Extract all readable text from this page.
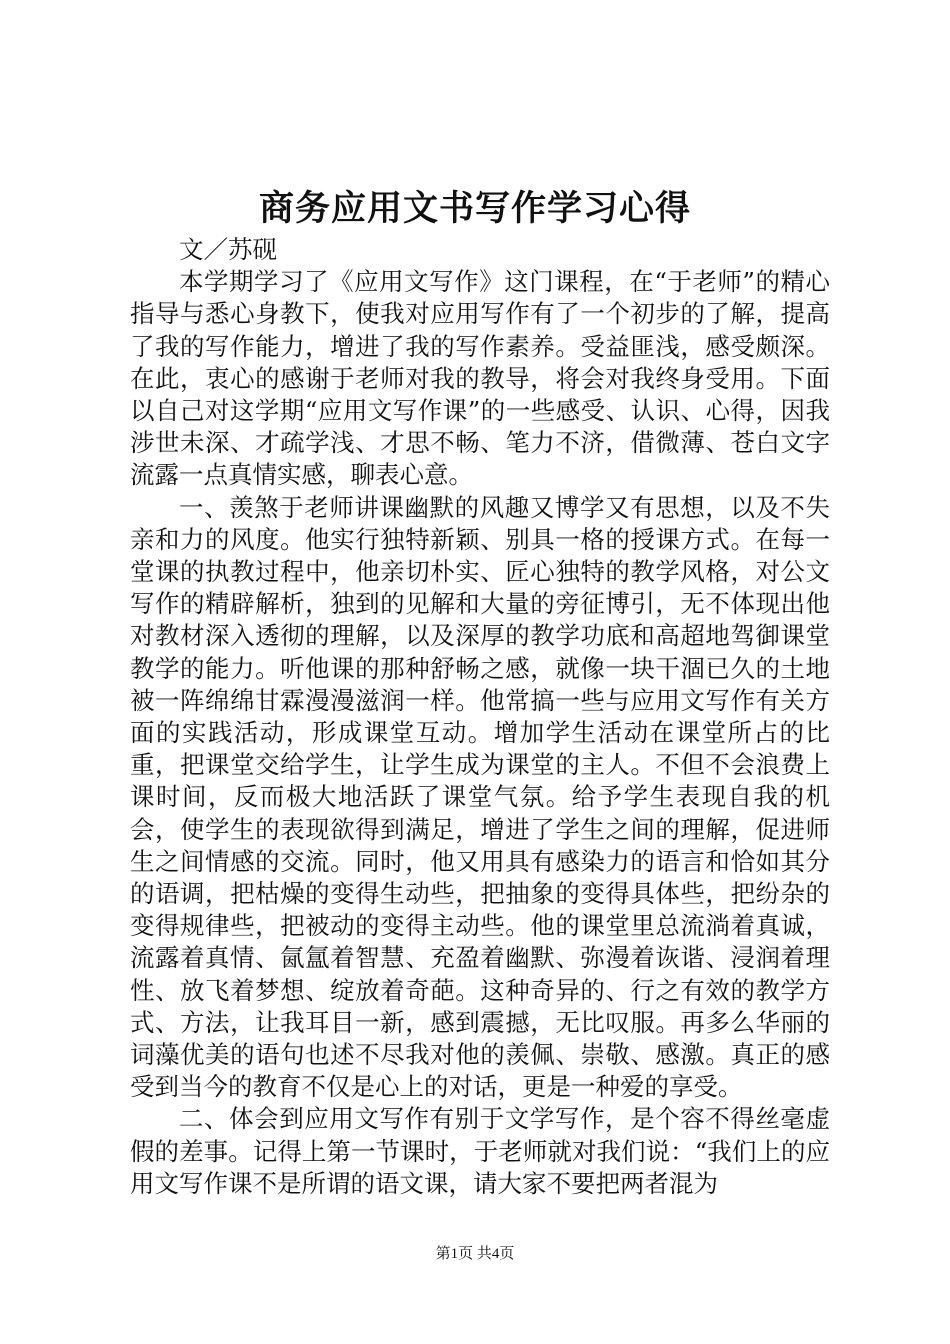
商务应用文书写作学习心得

文／苏砚

本学期学习了《应用文写作》这门课程，在“于老师”的精心指导与悉心身教下，使我对应用写作有了一个初步的了解，提高了我的写作能力，增进了我的写作素养。受益匪浅，感受颇深。在此，衷心的感谢于老师对我的教导，将会对我终身受用。下面以自己对这学期“应用文写作课”的一些感受、认识、心得，因我涉世未深、才疏学浅、才思不畅、笔力不济，借微薄、苍白文字流露一点真情实感，聊表心意。

一、羡煞于老师讲课幽默的风趣又博学又有思想，以及不失亲和力的风度。他实行独特新颖、别具一格的授课方式。在每一堂课的执教过程中，他亲切朴实、匠心独特的教学风格，对公文写作的精辟解析，独到的见解和大量的旁征博引，无不体现出他对教材深入透彻的理解，以及深厚的教学功底和高超地驾御课堂教学的能力。听他课的那种舒畅之感，就像一块干涸已久的土地被一阵绵绵甘霖漫漫滋润一样。他常搞一些与应用文写作有关方面的实践活动，形成课堂互动。增加学生活动在课堂所占的比重，把课堂交给学生，让学生成为课堂的主人。不但不会浪费上课时间，反而极大地活跃了课堂气氛。给予学生表现自我的机会，使学生的表现欲得到满足，增进了学生之间的理解，促进师生之间情感的交流。同时，他又用具有感染力的语言和恰如其分的语调，把枯燥的变得生动些，把抽象的变得具体些，把纷杂的变得规律些，把被动的变得主动些。他的课堂里总流淌着真诚，流露着真情、氤氲着智慧、充盈着幽默、弥漫着诙谐、浸润着理性、放飞着梦想、绽放着奇葩。这种奇异的、行之有效的教学方式、方法，让我耳目一新，感到震撼，无比叹服。再多么华丽的词藻优美的语句也述不尽我对他的羡佩、崇敬、感激。真正的感受到当今的教育不仅是心上的对话，更是一种爱的享受。

二、体会到应用文写作有别于文学写作，是个容不得丝毫虚假的差事。记得上第一节课时，于老师就对我们说：“我们上的应用文写作课不是所谓的语文课，请大家不要把两者混为

第1页 共4页
